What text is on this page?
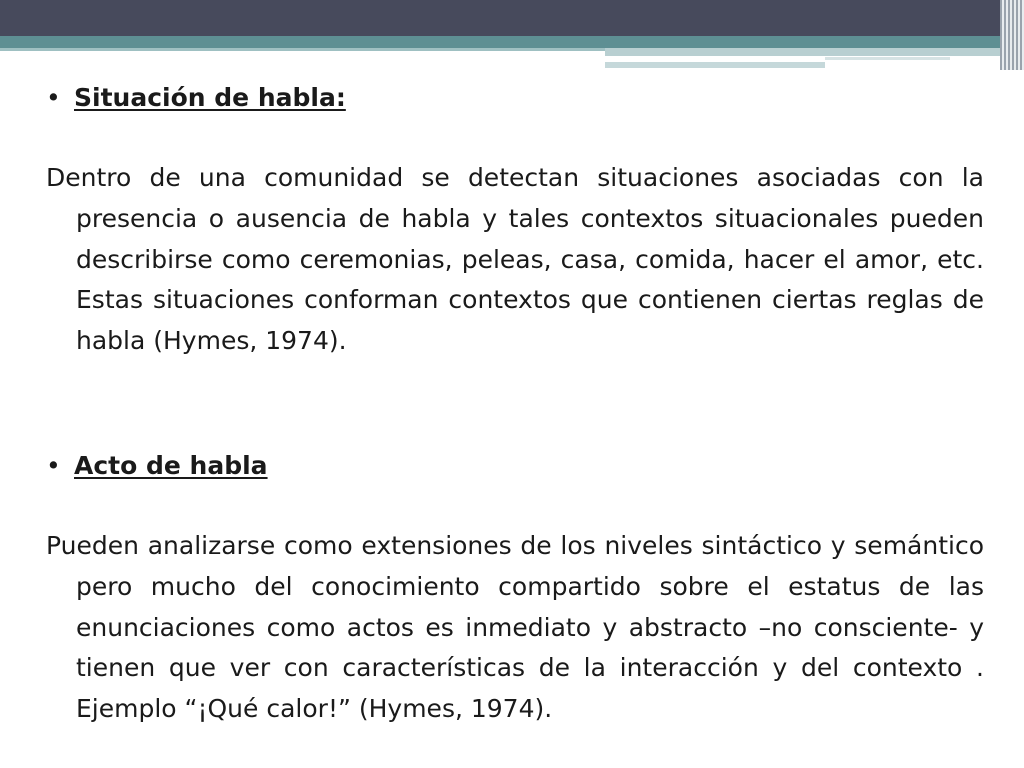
• Situación de habla:

Dentro de una comunidad se detectan situaciones asociadas con la presencia o ausencia de habla y tales contextos situacionales pueden describirse como ceremonias, peleas, casa, comida, hacer el amor, etc. Estas situaciones conforman contextos que contienen ciertas reglas de habla (Hymes, 1974).

• Acto de habla

Pueden analizarse como extensiones de los niveles sintáctico y semántico pero mucho del conocimiento compartido sobre el estatus de las enunciaciones como actos es inmediato y abstracto –no consciente- y tienen que ver con características de la interacción y del contexto . Ejemplo “¡Qué calor!” (Hymes, 1974).
